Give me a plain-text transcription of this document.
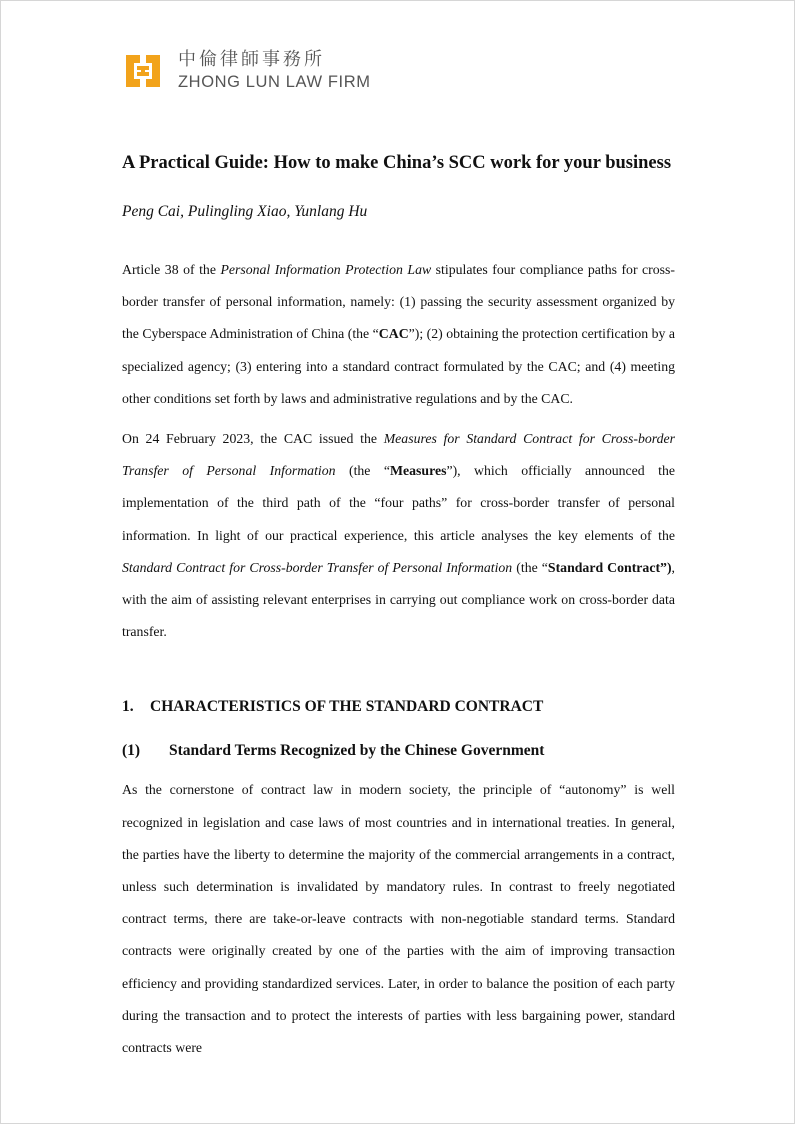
中倫律師事務所
ZHONG LUN LAW FIRM
A Practical Guide: How to make China’s SCC work for your business
Peng Cai, Pulingling Xiao, Yunlang Hu

Article 38 of the Personal Information Protection Law stipulates four compliance paths for cross-border transfer of personal information, namely: (1) passing the security assessment organized by the Cyberspace Administration of China (the “CAC”); (2) obtaining the protection certification by a specialized agency; (3) entering into a standard contract formulated by the CAC; and (4) meeting other conditions set forth by laws and administrative regulations and by the CAC.

On 24 February 2023, the CAC issued the Measures for Standard Contract for Cross-border Transfer of Personal Information (the “Measures”), which officially announced the implementation of the third path of the “four paths” for cross-border transfer of personal information. In light of our practical experience, this article analyses the key elements of the Standard Contract for Cross-border Transfer of Personal Information (the “Standard Contract”), with the aim of assisting relevant enterprises in carrying out compliance work on cross-border data transfer.

1.	CHARACTERISTICS OF THE STANDARD CONTRACT
(1)	Standard Terms Recognized by the Chinese Government

As the cornerstone of contract law in modern society, the principle of “autonomy” is well recognized in legislation and case laws of most countries and in international treaties. In general, the parties have the liberty to determine the majority of the commercial arrangements in a contract, unless such determination is invalidated by mandatory rules. In contrast to freely negotiated contract terms, there are take-or-leave contracts with non-negotiable standard terms. Standard contracts were originally created by one of the parties with the aim of improving transaction efficiency and providing standardized services. Later, in order to balance the position of each party during the transaction and to protect the interests of parties with less bargaining power, standard contracts were
